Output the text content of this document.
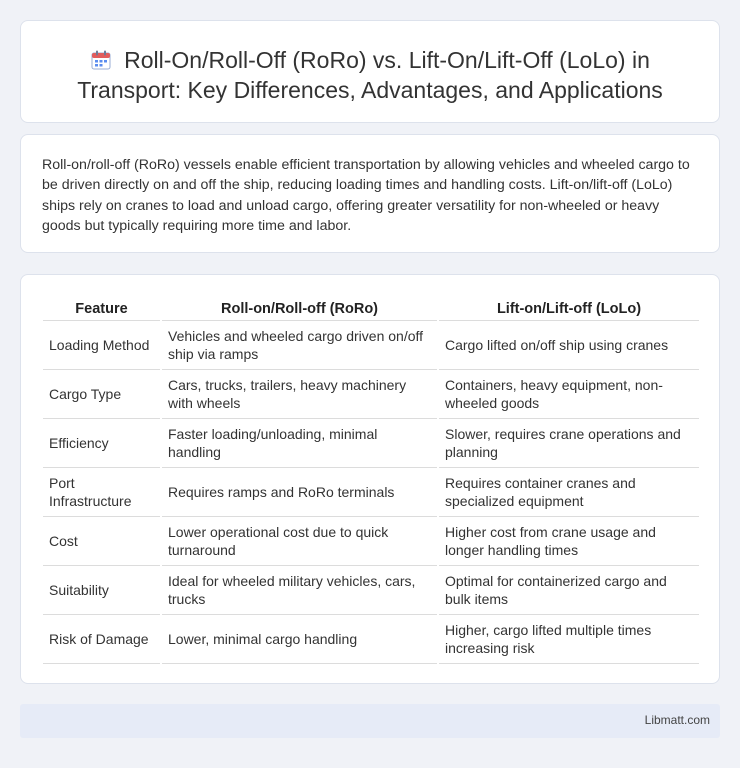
Roll-On/Roll-Off (RoRo) vs. Lift-On/Lift-Off (LoLo) in Transport: Key Differences, Advantages, and Applications

Roll-on/roll-off (RoRo) vessels enable efficient transportation by allowing vehicles and wheeled cargo to be driven directly on and off the ship, reducing loading times and handling costs. Lift-on/lift-off (LoLo) ships rely on cranes to load and unload cargo, offering greater versatility for non-wheeled or heavy goods but typically requiring more time and labor.

Feature	Roll-on/Roll-off (RoRo)	Lift-on/Lift-off (LoLo)
Loading Method	Vehicles and wheeled cargo driven on/off ship via ramps	Cargo lifted on/off ship using cranes
Cargo Type	Cars, trucks, trailers, heavy machinery with wheels	Containers, heavy equipment, non-wheeled goods
Efficiency	Faster loading/unloading, minimal handling	Slower, requires crane operations and planning
Port Infrastructure	Requires ramps and RoRo terminals	Requires container cranes and specialized equipment
Cost	Lower operational cost due to quick turnaround	Higher cost from crane usage and longer handling times
Suitability	Ideal for wheeled military vehicles, cars, trucks	Optimal for containerized cargo and bulk items
Risk of Damage	Lower, minimal cargo handling	Higher, cargo lifted multiple times increasing risk
Libmatt.com
